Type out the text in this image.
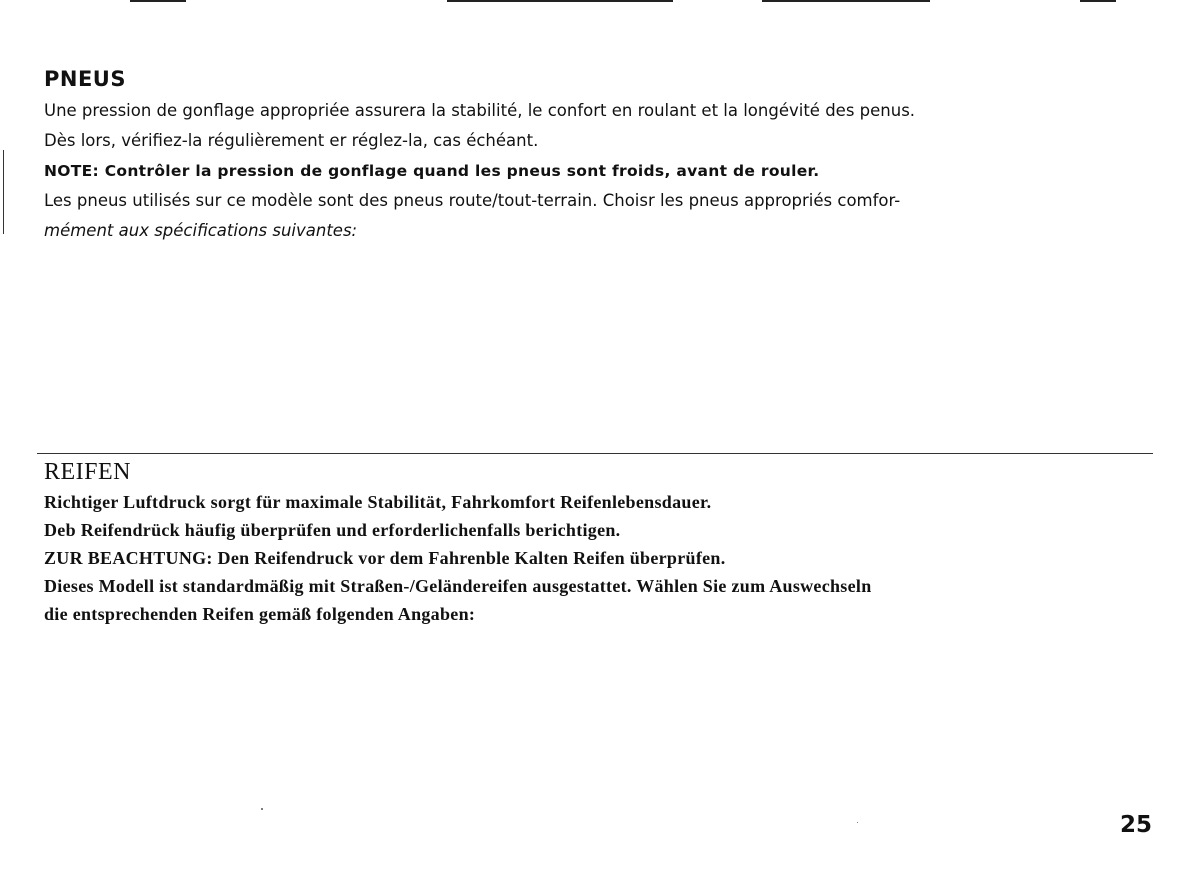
PNEUS

Une pression de gonflage appropriée assurera la stabilité, le confort en roulant et la longévité des penus.

Dès lors, vérifiez-la régulièrement er réglez-la, cas échéant.

NOTE: Contrôler la pression de gonflage quand les pneus sont froids, avant de rouler.

Les pneus utilisés sur ce modèle sont des pneus route/tout-terrain. Choisr les pneus appropriés comfor-

mément aux spécifications suivantes:

REIFEN

Richtiger Luftdruck sorgt für maximale Stabilität, Fahrkomfort Reifenlebensdauer.

Deb Reifendrück häufig überprüfen und erforderlichenfalls berichtigen.

ZUR BEACHTUNG: Den Reifendruck vor dem Fahrenble Kalten Reifen überprüfen.

Dieses Modell ist standardmäßig mit Straßen-/Geländereifen ausgestattet. Wählen Sie zum Auswechseln

die entsprechenden Reifen gemäß folgenden Angaben:

25
